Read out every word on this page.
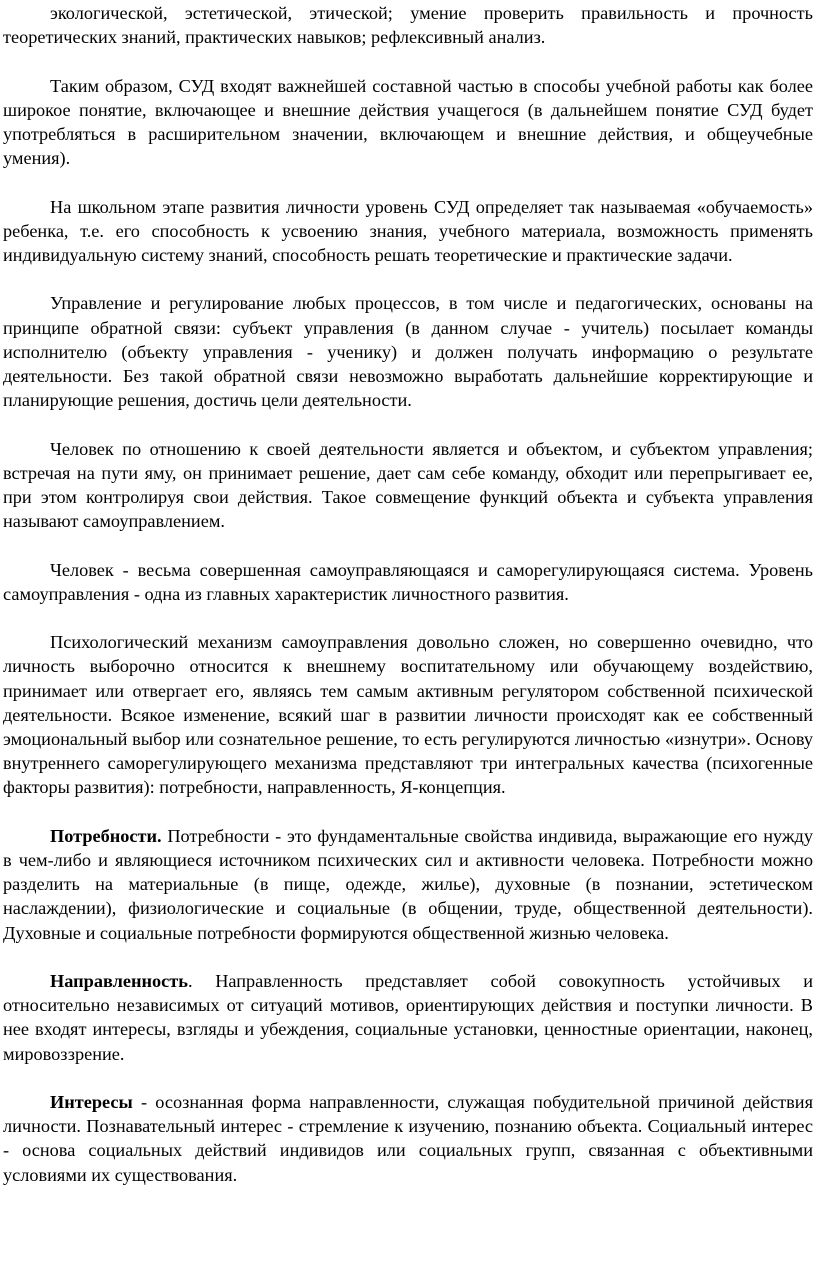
экологической, эстетической, этической; умение проверить правильность и прочность теоретических знаний, практических навыков; рефлексивный анализ.

Таким образом, СУД входят важнейшей составной частью в способы учебной работы как более широкое понятие, включающее и внешние действия учащегося (в дальнейшем понятие СУД будет употребляться в расширительном значении, включающем и внешние действия, и общеучебные умения).

На школьном этапе развития личности уровень СУД определяет так называемая «обучаемость» ребенка, т.е. его способность к усвоению знания, учебного материала, возможность применять индивидуальную систему знаний, способность решать теоретические и практические задачи.

Управление и регулирование любых процессов, в том числе и педагогических, основаны на принципе обратной связи: субъект управления (в данном случае - учитель) посылает команды исполнителю (объекту управления - ученику) и должен получать информацию о результате деятельности. Без такой обратной связи невозможно выработать дальнейшие корректирующие и планирующие решения, достичь цели деятельности.

Человек по отношению к своей деятельности является и объектом, и субъектом управления; встречая на пути яму, он принимает решение, дает сам себе команду, обходит или перепрыгивает ее, при этом контролируя свои действия. Такое совмещение функций объекта и субъекта управления называют самоуправлением.

Человек - весьма совершенная самоуправляющаяся и саморегулирующаяся система. Уровень самоуправления - одна из главных характеристик личностного развития.

Психологический механизм самоуправления довольно сложен, но совершенно очевидно, что личность выборочно относится к внешнему воспитательному или обучающему воздействию, принимает или отвергает его, являясь тем самым активным регулятором собственной психической деятельности. Всякое изменение, всякий шаг в развитии личности происходят как ее собственный эмоциональный выбор или сознательное решение, то есть регулируются личностью «изнутри». Основу внутреннего саморегулирующего механизма представляют три интегральных качества (психогенные факторы развития): потребности, направленность, Я-концепция.

Потребности. Потребности - это фундаментальные свойства индивида, выражающие его нужду в чем-либо и являющиеся источником психических сил и активности человека. Потребности можно разделить на материальные (в пище, одежде, жилье), духовные (в познании, эстетическом наслаждении), физиологические и социальные (в общении, труде, общественной деятельности). Духовные и социальные потребности формируются общественной жизнью человека.

Направленность. Направленность представляет собой совокупность устойчивых и относительно независимых от ситуаций мотивов, ориентирующих действия и поступки личности. В нее входят интересы, взгляды и убеждения, социальные установки, ценностные ориентации, наконец, мировоззрение.

Интересы - осознанная форма направленности, служащая побудительной причиной действия личности. Познавательный интерес - стремление к изучению, познанию объекта. Социальный интерес - основа социальных действий индивидов или социальных групп, связанная с объективными условиями их существования.
